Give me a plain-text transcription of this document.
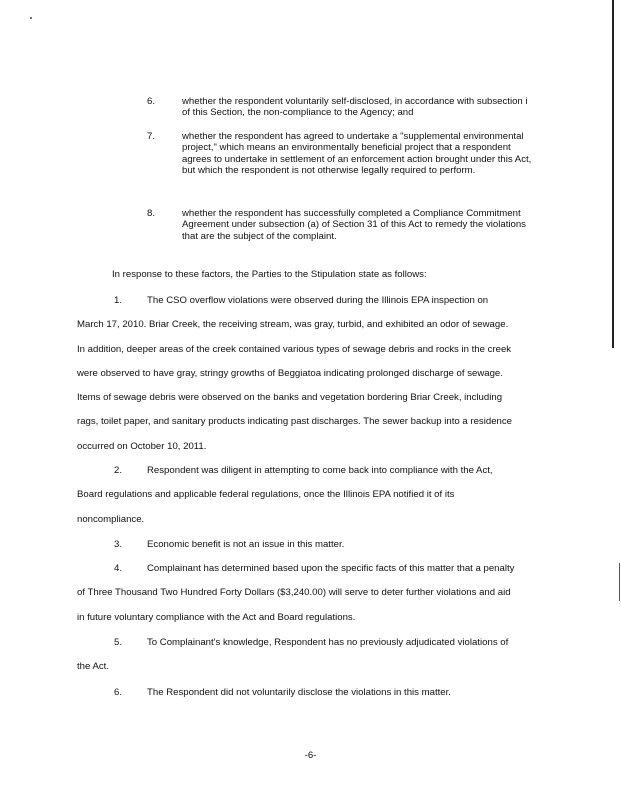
6.	whether the respondent voluntarily self-disclosed, in accordance with subsection i of this Section, the non-compliance to the Agency; and
7.	whether the respondent has agreed to undertake a "supplemental environmental project," which means an environmentally beneficial project that a respondent agrees to undertake in settlement of an enforcement action brought under this Act, but which the respondent is not otherwise legally required to perform.
8.	whether the respondent has successfully completed a Compliance Commitment Agreement under subsection (a) of Section 31 of this Act to remedy the violations that are the subject of the complaint.
In response to these factors, the Parties to the Stipulation state as follows:
1.	The CSO overflow violations were observed during the Illinois EPA inspection on March 17, 2010. Briar Creek, the receiving stream, was gray, turbid, and exhibited an odor of sewage. In addition, deeper areas of the creek contained various types of sewage debris and rocks in the creek were observed to have gray, stringy growths of Beggiatoa indicating prolonged discharge of sewage. Items of sewage debris were observed on the banks and vegetation bordering Briar Creek, including rags, toilet paper, and sanitary products indicating past discharges. The sewer backup into a residence occurred on October 10, 2011.
2.	Respondent was diligent in attempting to come back into compliance with the Act, Board regulations and applicable federal regulations, once the Illinois EPA notified it of its noncompliance.
3.	Economic benefit is not an issue in this matter.
4.	Complainant has determined based upon the specific facts of this matter that a penalty of Three Thousand Two Hundred Forty Dollars ($3,240.00) will serve to deter further violations and aid in future voluntary compliance with the Act and Board regulations.
5.	To Complainant's knowledge, Respondent has no previously adjudicated violations of the Act.
6.	The Respondent did not voluntarily disclose the violations in this matter.
-6-
